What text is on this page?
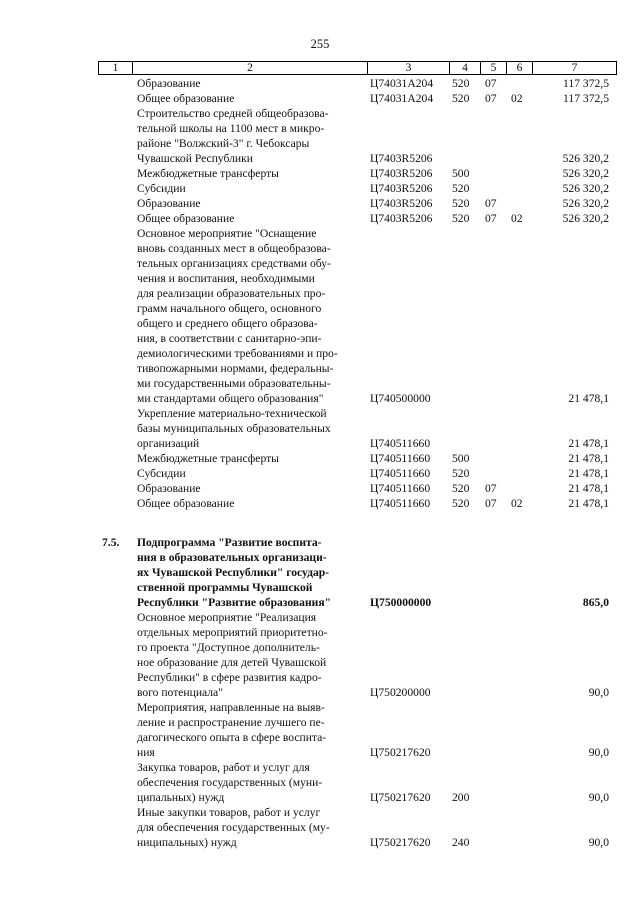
255
1	2	3	4	5	6	7
Образование	Ц74031А204 520 07	117 372,5
Общее образование	Ц74031А204 520 07 02	117 372,5
Строительство средней общеобразова-
тельной школы на 1100 мест в микро-
районе "Волжский-3" г. Чебоксары
Чувашской Республики	Ц7403R5206	526 320,2
Межбюджетные трансферты	Ц7403R5206 500	526 320,2
Субсидии	Ц7403R5206 520	526 320,2
Образование	Ц7403R5206 520 07	526 320,2
Общее образование	Ц7403R5206 520 07 02	526 320,2
Основное мероприятие "Оснащение
вновь созданных мест в общеобразова-
тельных организациях средствами обу-
чения и воспитания, необходимыми
для реализации образовательных про-
грамм начального общего, основного
общего и среднего общего образова-
ния, в соответствии с санитарно-эпи-
демиологическими требованиями и про-
тивопожарными нормами, федеральны-
ми государственными образовательны-
ми стандартами общего образования"	Ц740500000	21 478,1
Укрепление материально-технической
базы муниципальных образовательных
организаций	Ц740511660	21 478,1
Межбюджетные трансферты	Ц740511660 500	21 478,1
Субсидии	Ц740511660 520	21 478,1
Образование	Ц740511660 520 07	21 478,1
Общее образование	Ц740511660 520 07 02	21 478,1
7.5.	Подпрограмма "Развитие воспита-
ния в образовательных организаци-
ях Чувашской Республики" государ-
ственной программы Чувашской
Республики "Развитие образования"	Ц750000000	865,0
Основное мероприятие "Реализация
отдельных мероприятий приоритетно-
го проекта "Доступное дополнитель-
ное образование для детей Чувашской
Республики" в сфере развития кадро-
вого потенциала"	Ц750200000	90,0
Мероприятия, направленные на выяв-
ление и распространение лучшего пе-
дагогического опыта в сфере воспита-
ния	Ц750217620	90,0
Закупка товаров, работ и услуг для
обеспечения государственных (муни-
ципальных) нужд	Ц750217620 200	90,0
Иные закупки товаров, работ и услуг
для обеспечения государственных (му-
ниципальных) нужд	Ц750217620 240	90,0
